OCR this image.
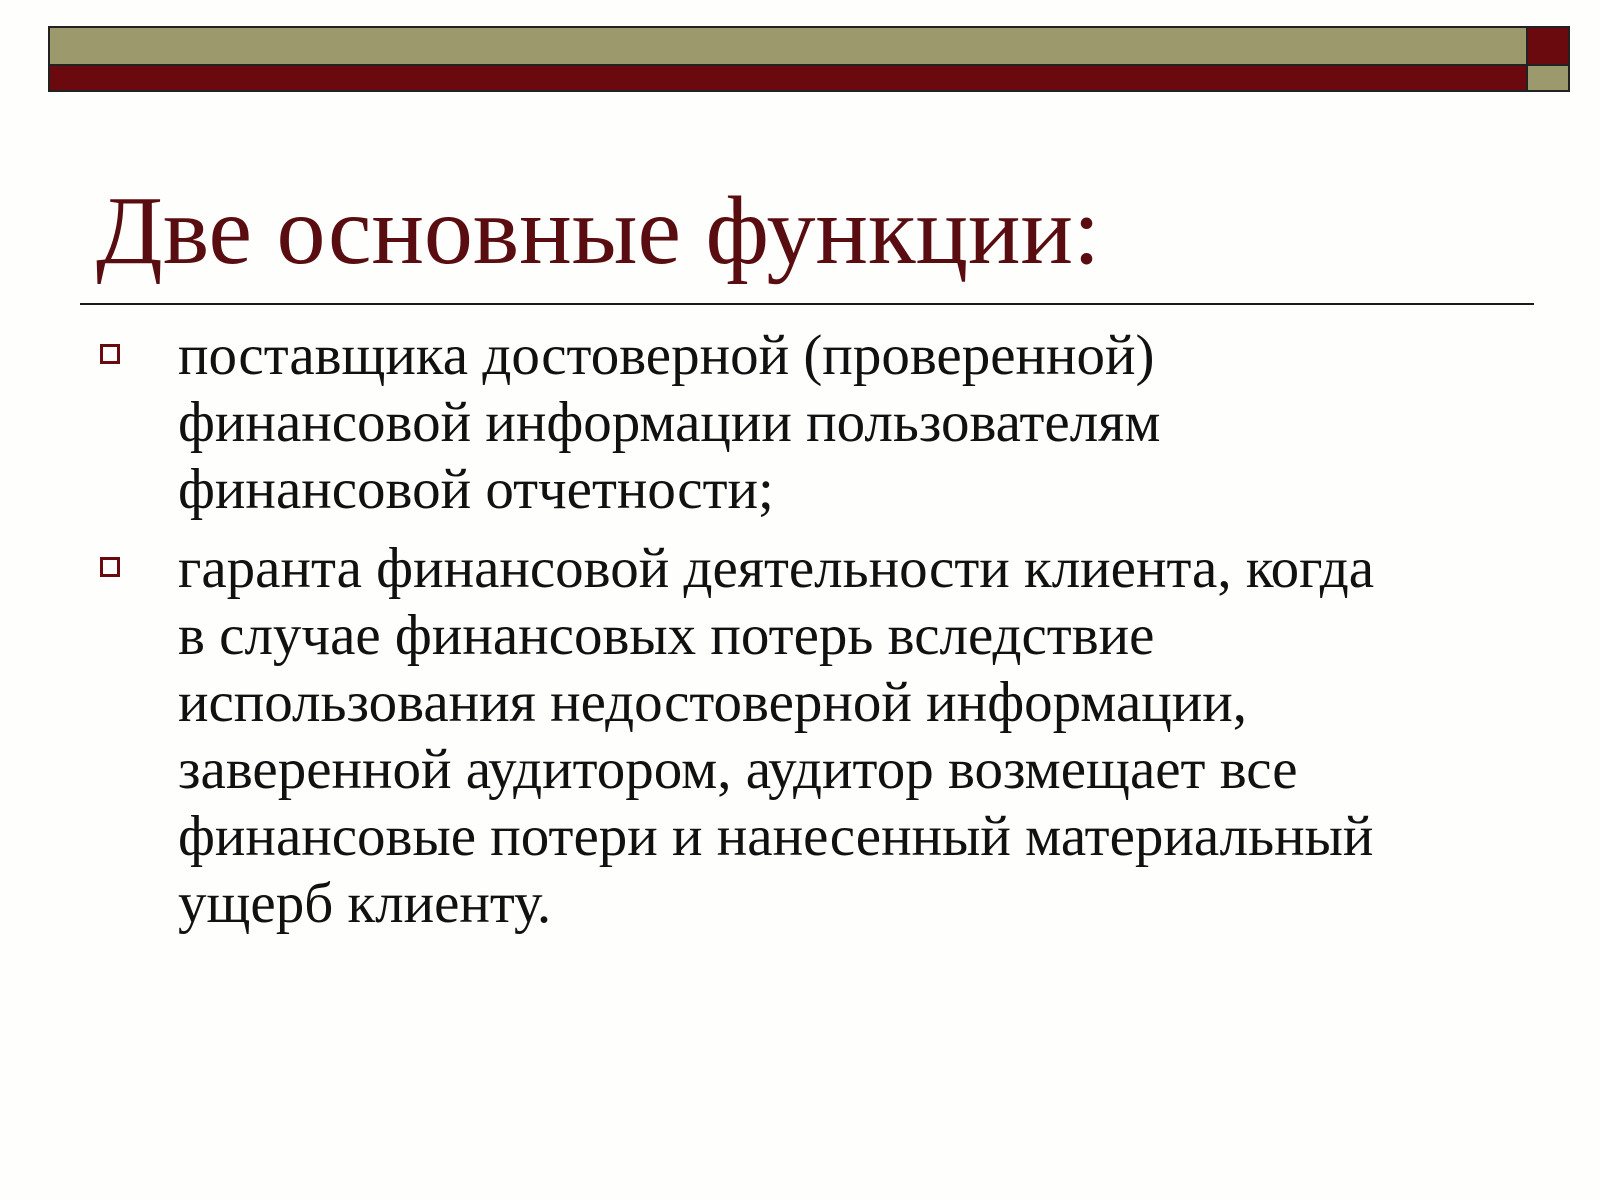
Две основные функции:
поставщика достоверной (проверенной)
финансовой информации пользователям
финансовой отчетности;
гаранта финансовой деятельности клиента, когда
в случае финансовых потерь вследствие
использования недостоверной информации,
заверенной аудитором, аудитор возмещает все
финансовые потери и нанесенный материальный
ущерб клиенту.
